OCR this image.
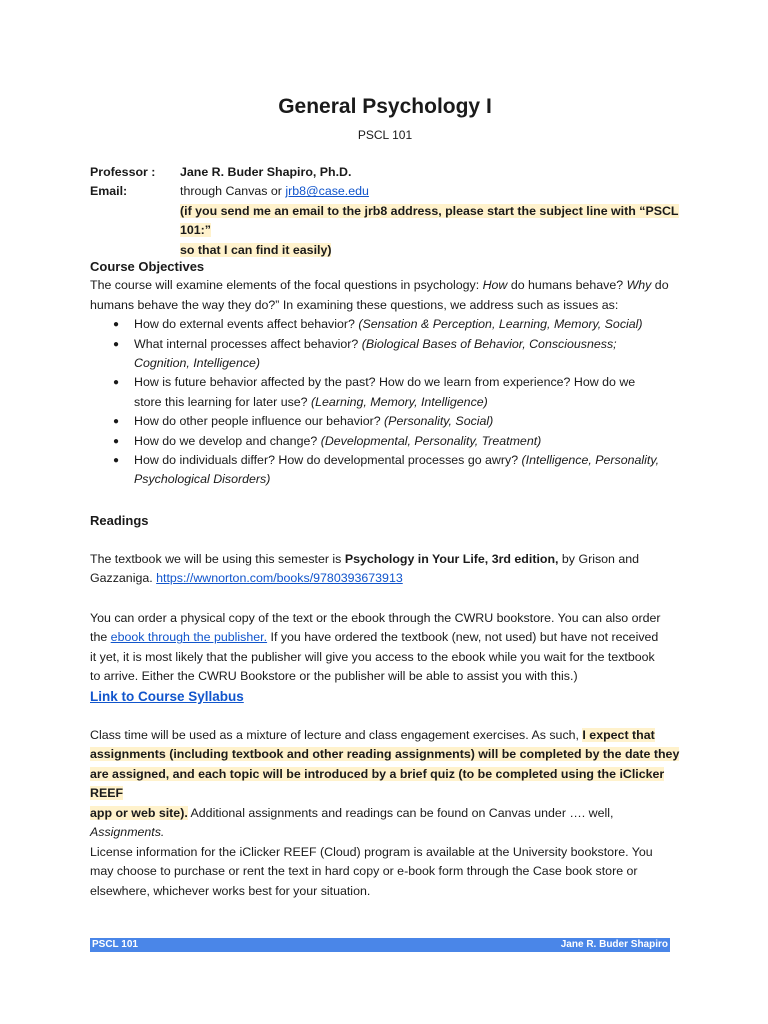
General Psychology I
PSCL 101
Professor :	Jane R. Buder Shapiro, Ph.D.
Email:	through Canvas or jrb8@case.edu
(if you send me an email to the jrb8 address, please start the subject line with “PSCL 101:”
so that I can find it easily)
Course Objectives

The course will examine elements of the focal questions in psychology: How do humans behave? Why do

humans behave the way they do?” In examining these questions, we address such as issues as:

● How do external events affect behavior? (Sensation & Perception, Learning, Memory, Social)
● What internal processes affect behavior? (Biological Bases of Behavior, Consciousness;
Cognition, Intelligence)
● How is future behavior affected by the past? How do we learn from experience? How do we
store this learning for later use? (Learning, Memory, Intelligence)
● How do other people influence our behavior? (Personality, Social)
● How do we develop and change? (Developmental, Personality, Treatment)
● How do individuals differ? How do developmental processes go awry? (Intelligence, Personality,
Psychological Disorders)
Readings

The textbook we will be using this semester is Psychology in Your Life, 3rd edition, by Grison and

Gazzaniga. https://wwnorton.com/books/9780393673913

You can order a physical copy of the text or the ebook through the CWRU bookstore. You can also order

the ebook through the publisher. If you have ordered the textbook (new, not used) but have not received

it yet, it is most likely that the publisher will give you access to the ebook while you wait for the textbook

to arrive. Either the CWRU Bookstore or the publisher will be able to assist you with this.)

Link to Course Syllabus

Class time will be used as a mixture of lecture and class engagement exercises. As such, I expect that

assignments (including textbook and other reading assignments) will be completed by the date they

are assigned, and each topic will be introduced by a brief quiz (to be completed using the iClicker REEF

app or web site). Additional assignments and readings can be found on Canvas under …. well,

Assignments.

License information for the iClicker REEF (Cloud) program is available at the University bookstore. You

may choose to purchase or rent the text in hard copy or e-book form through the Case book store or

elsewhere, whichever works best for your situation.

PSCL 101	Jane R. Buder Shapiro
